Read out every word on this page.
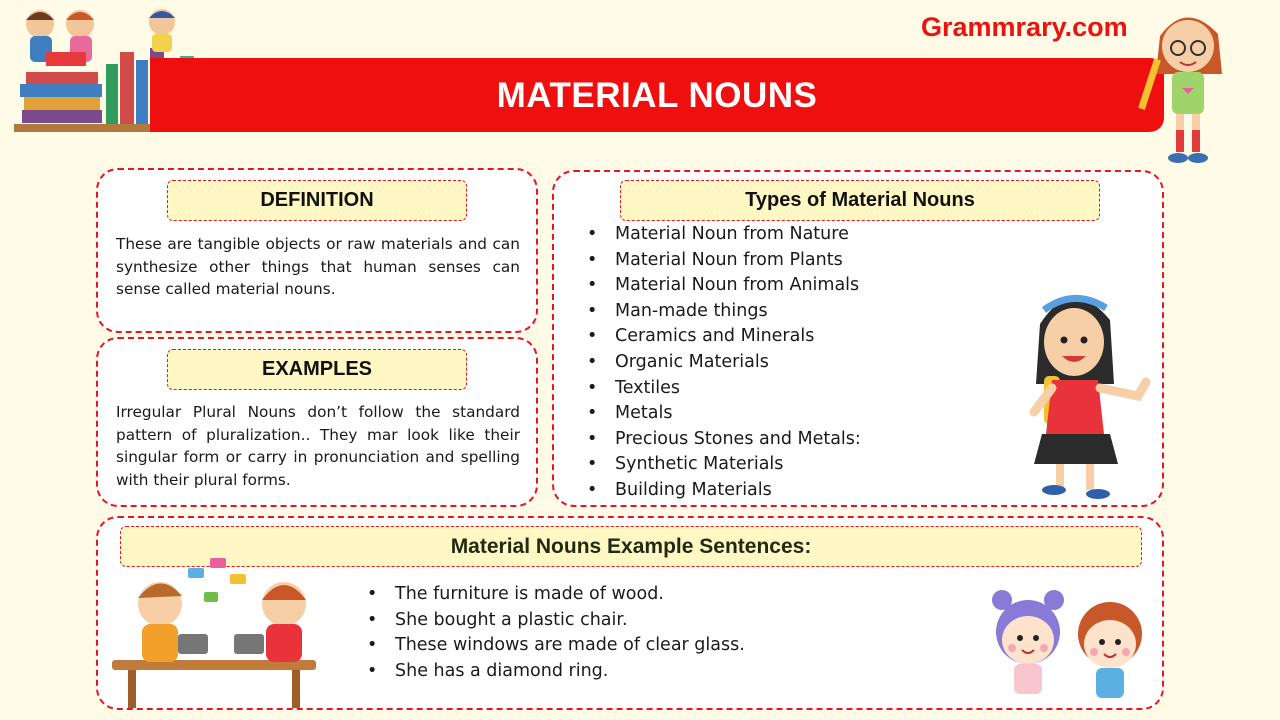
Grammrary.com
MATERIAL NOUNS
DEFINITION
These are tangible objects or raw materials and can synthesize other things that human senses can sense called material nouns.
EXAMPLES
Irregular Plural Nouns don’t follow the standard pattern of pluralization.. They mar look like their singular form or carry in pronunciation and spelling with their plural forms.
Types of Material Nouns
• Material Noun from Nature
• Material Noun from Plants
• Material Noun from Animals
• Man-made things
• Ceramics and Minerals
• Organic Materials
• Textiles
• Metals
• Precious Stones and Metals:
• Synthetic Materials
• Building Materials
Material Nouns Example Sentences:
• The furniture is made of wood.
• She bought a plastic chair.
• These windows are made of clear glass.
• She has a diamond ring.
